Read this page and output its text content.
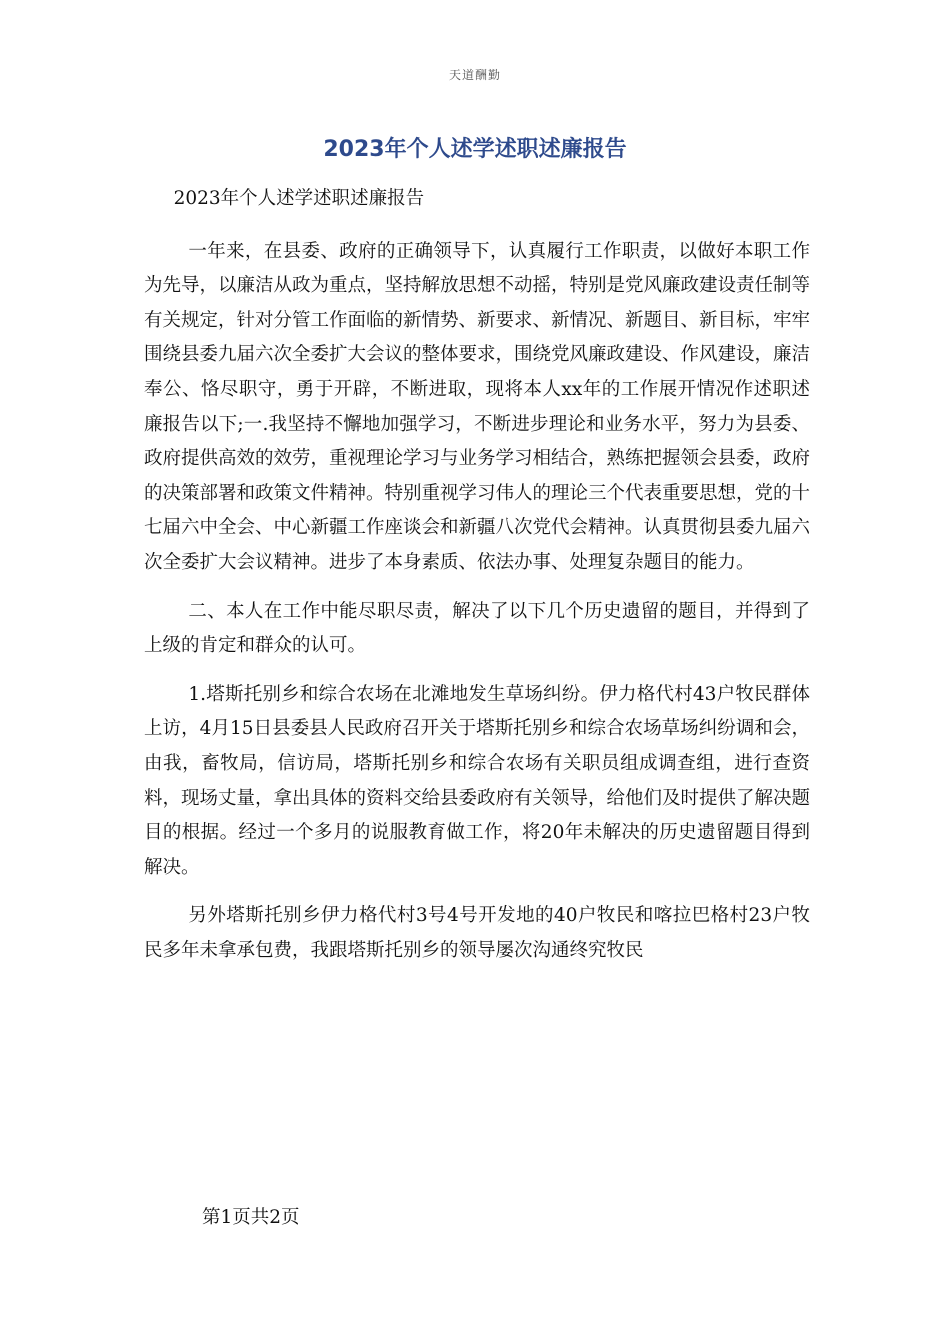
天道酬勤
2023年个人述学述职述廉报告

2023年个人述学述职述廉报告

一年来，在县委、政府的正确领导下，认真履行工作职责，以做好本职工作为先导，以廉洁从政为重点，坚持解放思想不动摇，特别是党风廉政建设责任制等有关规定，针对分管工作面临的新情势、新要求、新情况、新题目、新目标，牢牢围绕县委九届六次全委扩大会议的整体要求，围绕党风廉政建设、作风建设，廉洁奉公、恪尽职守，勇于开辟，不断进取，现将本人xx年的工作展开情况作述职述廉报告以下;一.我坚持不懈地加强学习，不断进步理论和业务水平，努力为县委、政府提供高效的效劳，重视理论学习与业务学习相结合，熟练把握领会县委，政府的决策部署和政策文件精神。特别重视学习伟人的理论三个代表重要思想，党的十七届六中全会、中心新疆工作座谈会和新疆八次党代会精神。认真贯彻县委九届六次全委扩大会议精神。进步了本身素质、依法办事、处理复杂题目的能力。

二、本人在工作中能尽职尽责，解决了以下几个历史遗留的题目，并得到了上级的肯定和群众的认可。

1.塔斯托别乡和综合农场在北滩地发生草场纠纷。伊力格代村43户牧民群体上访，4月15日县委县人民政府召开关于塔斯托别乡和综合农场草场纠纷调和会，由我，畜牧局，信访局，塔斯托别乡和综合农场有关职员组成调查组，进行查资料，现场丈量，拿出具体的资料交给县委政府有关领导，给他们及时提供了解决题目的根据。经过一个多月的说服教育做工作，将20年未解决的历史遗留题目得到解决。

另外塔斯托别乡伊力格代村3号4号开发地的40户牧民和喀拉巴格村23户牧民多年未拿承包费，我跟塔斯托别乡的领导屡次沟通终究牧民

第1页共2页
